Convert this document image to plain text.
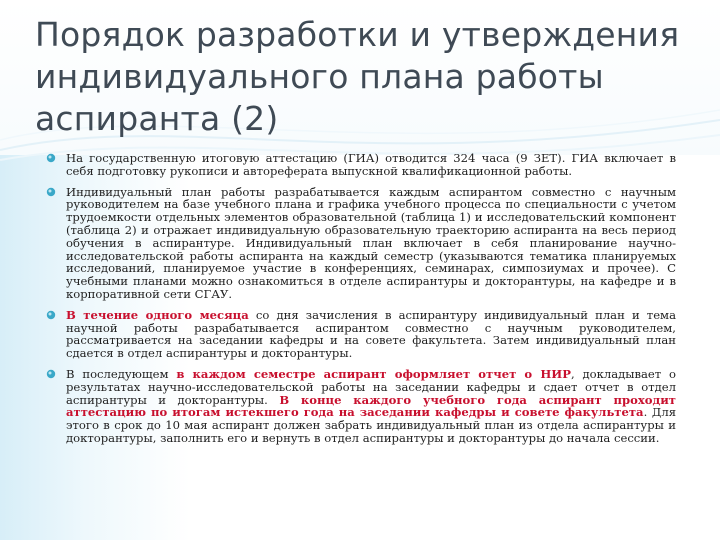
Порядок разработки и утверждения индивидуального плана работы аспиранта (2)
На государственную итоговую аттестацию (ГИА) отводится 324 часа (9 ЗЕТ). ГИА включает в себя подготовку рукописи и автореферата выпускной квалификационной работы.
Индивидуальный план работы разрабатывается каждым аспирантом совместно с научным руководителем на базе учебного плана и графика учебного процесса по специальности с учетом трудоемкости отдельных элементов образовательной (таблица 1) и исследовательский компонент (таблица 2) и отражает индивидуальную образовательную траекторию аспиранта на весь период обучения в аспирантуре. Индивидуальный план включает в себя планирование научно-исследовательской работы аспиранта на каждый семестр (указываются тематика планируемых исследований, планируемое участие в конференциях, семинарах, симпозиумах и прочее). С учебными планами можно ознакомиться в отделе аспирантуры и докторантуры, на кафедре и в корпоративной сети СГАУ.
В течение одного месяца со дня зачисления в аспирантуру индивидуальный план и тема научной работы разрабатывается аспирантом совместно с научным руководителем, рассматривается на заседании кафедры и на совете факультета. Затем индивидуальный план сдается в отдел аспирантуры и докторантуры.
В последующем в каждом семестре аспирант оформляет отчет о НИР, докладывает о результатах научно-исследовательской работы на заседании кафедры и сдает отчет в отдел аспирантуры и докторантуры. В конце каждого учебного года аспирант проходит аттестацию по итогам истекшего года на заседании кафедры и совете факультета. Для этого в срок до 10 мая аспирант должен забрать индивидуальный план из отдела аспирантуры и докторантуры, заполнить его и вернуть в отдел аспирантуры и докторантуры до начала сессии.
